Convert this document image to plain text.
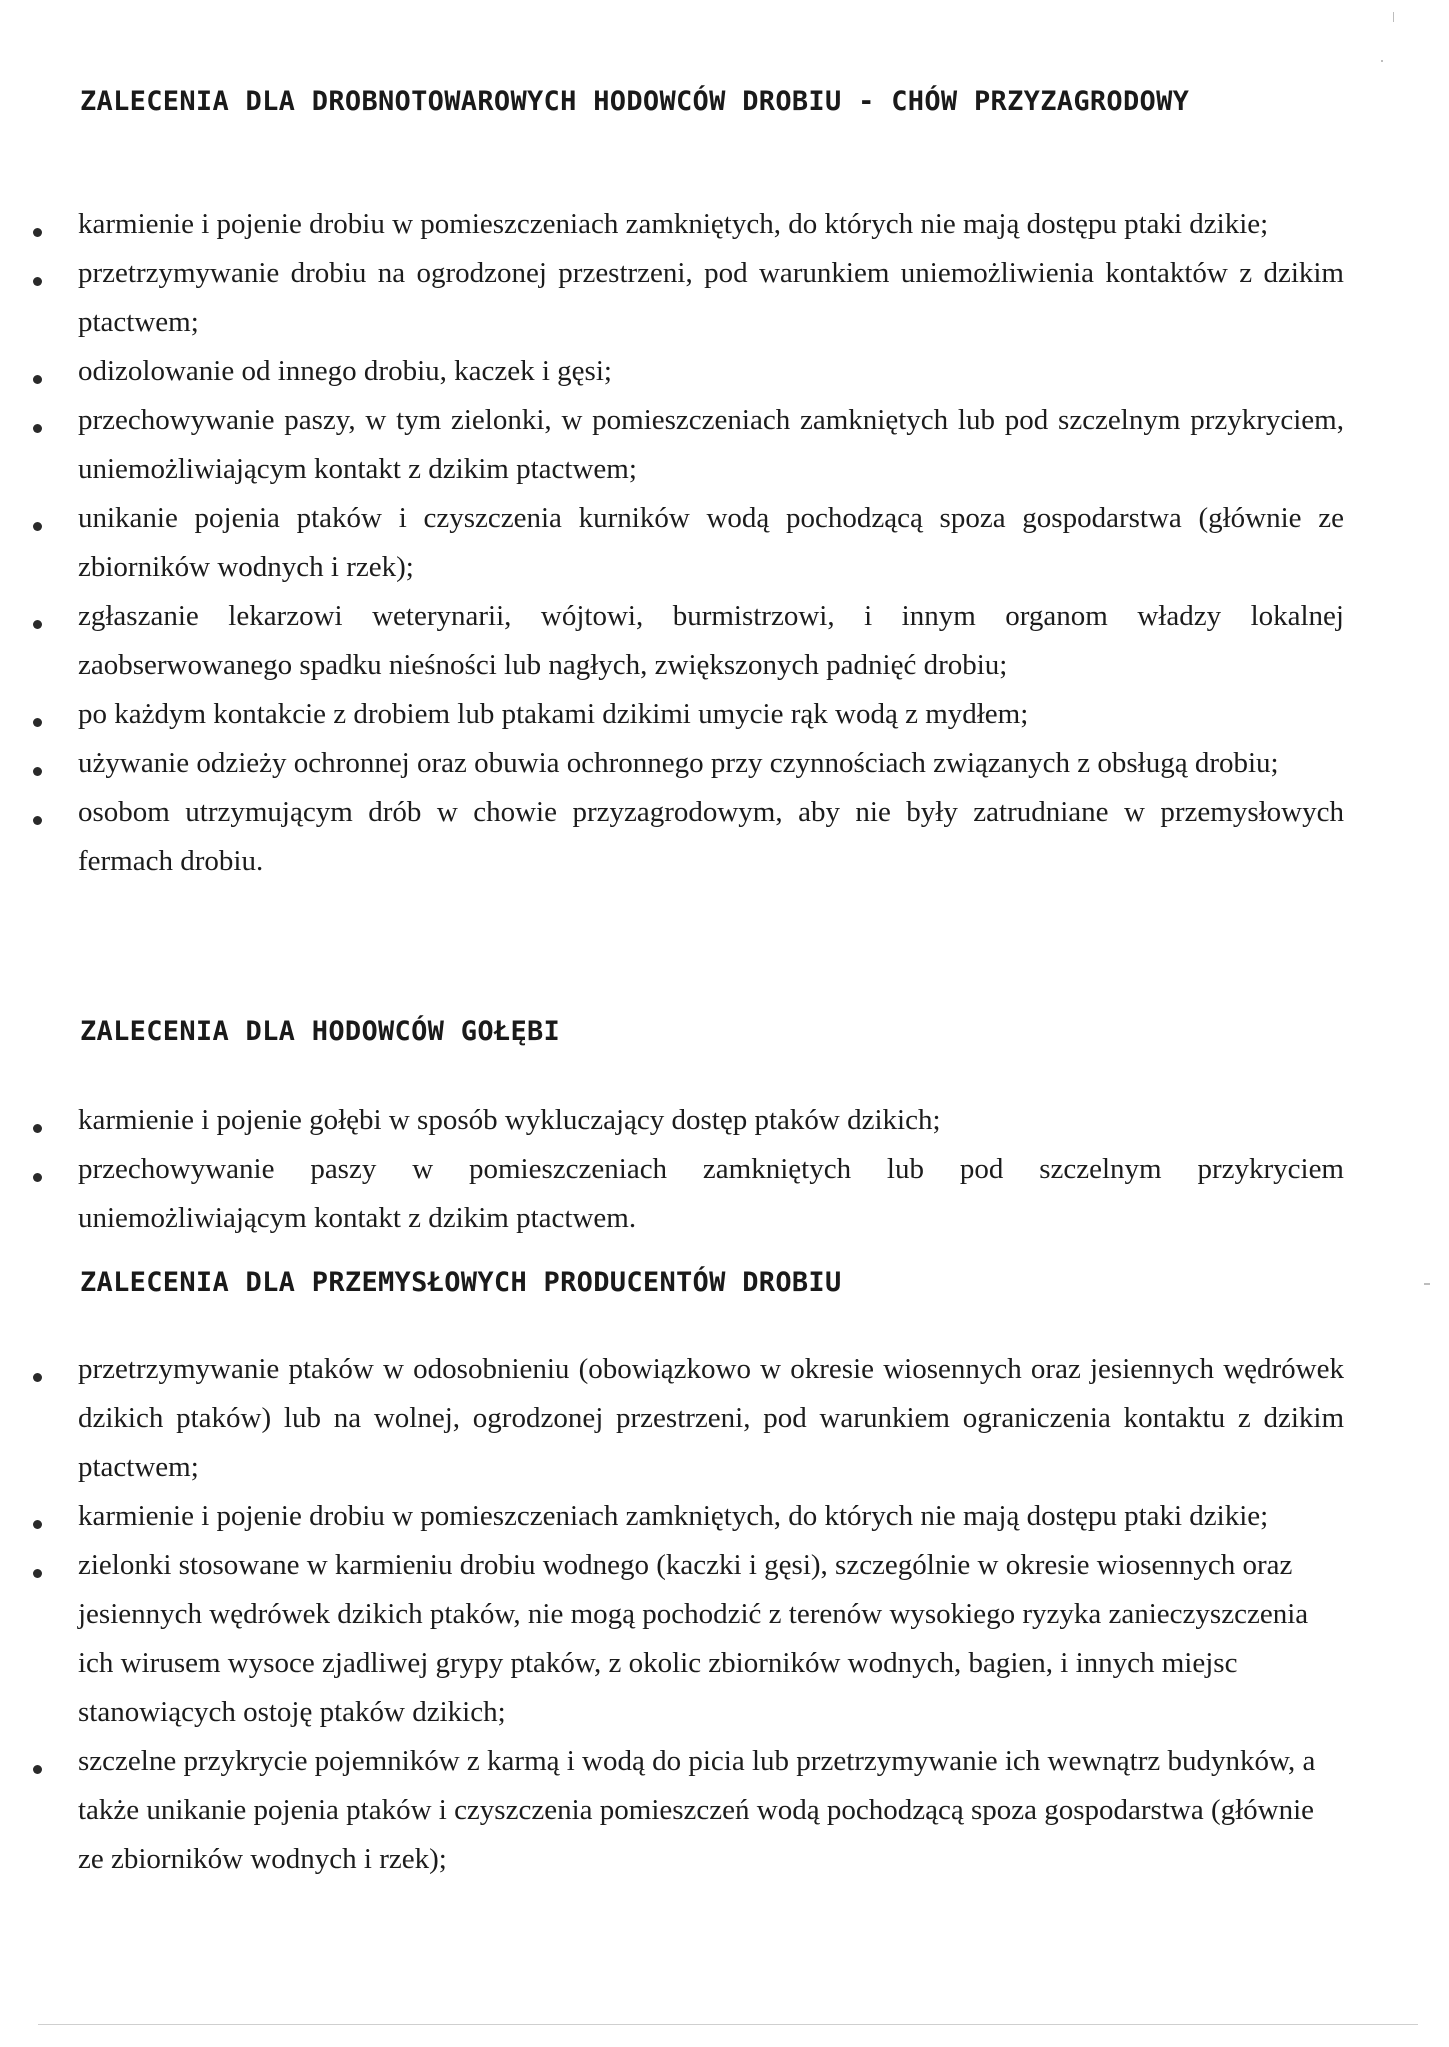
ZALECENIA DLA DROBNOTOWAROWYCH HODOWCÓW DROBIU - CHÓW PRZYZAGRODOWY
karmienie i pojenie drobiu w pomieszczeniach zamkniętych, do których nie mają dostępu ptaki dzikie;
przetrzymywanie drobiu na ogrodzonej przestrzeni, pod warunkiem uniemożliwienia kontaktów z dzikim ptactwem;
odizolowanie od innego drobiu, kaczek i gęsi;
przechowywanie paszy, w tym zielonki, w pomieszczeniach zamkniętych lub pod szczelnym przykryciem, uniemożliwiającym kontakt z dzikim ptactwem;
unikanie pojenia ptaków i czyszczenia kurników wodą pochodzącą spoza gospodarstwa (głównie ze zbiorników wodnych i rzek);
zgłaszanie lekarzowi weterynarii, wójtowi, burmistrzowi, i innym organom władzy lokalnej zaobserwowanego spadku nieśności lub nagłych, zwiększonych padnięć drobiu;
po każdym kontakcie z drobiem lub ptakami dzikimi umycie rąk wodą z mydłem;
używanie odzieży ochronnej oraz obuwia ochronnego przy czynnościach związanych z obsługą drobiu;
osobom utrzymującym drób w chowie przyzagrodowym, aby nie były zatrudniane w przemysłowych fermach drobiu.
ZALECENIA DLA HODOWCÓW GOŁĘBI
karmienie i pojenie gołębi w sposób wykluczający dostęp ptaków dzikich;
przechowywanie paszy w pomieszczeniach zamkniętych lub pod szczelnym przykryciem uniemożliwiającym kontakt z dzikim ptactwem.
ZALECENIA DLA PRZEMYSŁOWYCH PRODUCENTÓW DROBIU
przetrzymywanie ptaków w odosobnieniu (obowiązkowo w okresie wiosennych oraz jesiennych wędrówek dzikich ptaków) lub na wolnej, ogrodzonej przestrzeni, pod warunkiem ograniczenia kontaktu z dzikim ptactwem;
karmienie i pojenie drobiu w pomieszczeniach zamkniętych, do których nie mają dostępu ptaki dzikie;
zielonki stosowane w karmieniu drobiu wodnego (kaczki i gęsi), szczególnie w okresie wiosennych oraz jesiennych wędrówek dzikich ptaków, nie mogą pochodzić z terenów wysokiego ryzyka zanieczyszczenia ich wirusem wysoce zjadliwej grypy ptaków, z okolic zbiorników wodnych, bagien, i innych miejsc stanowiących ostoję ptaków dzikich;
szczelne przykrycie pojemników z karmą i wodą do picia lub przetrzymywanie ich wewnątrz budynków, a także unikanie pojenia ptaków i czyszczenia pomieszczeń wodą pochodzącą spoza gospodarstwa (głównie ze zbiorników wodnych i rzek);
